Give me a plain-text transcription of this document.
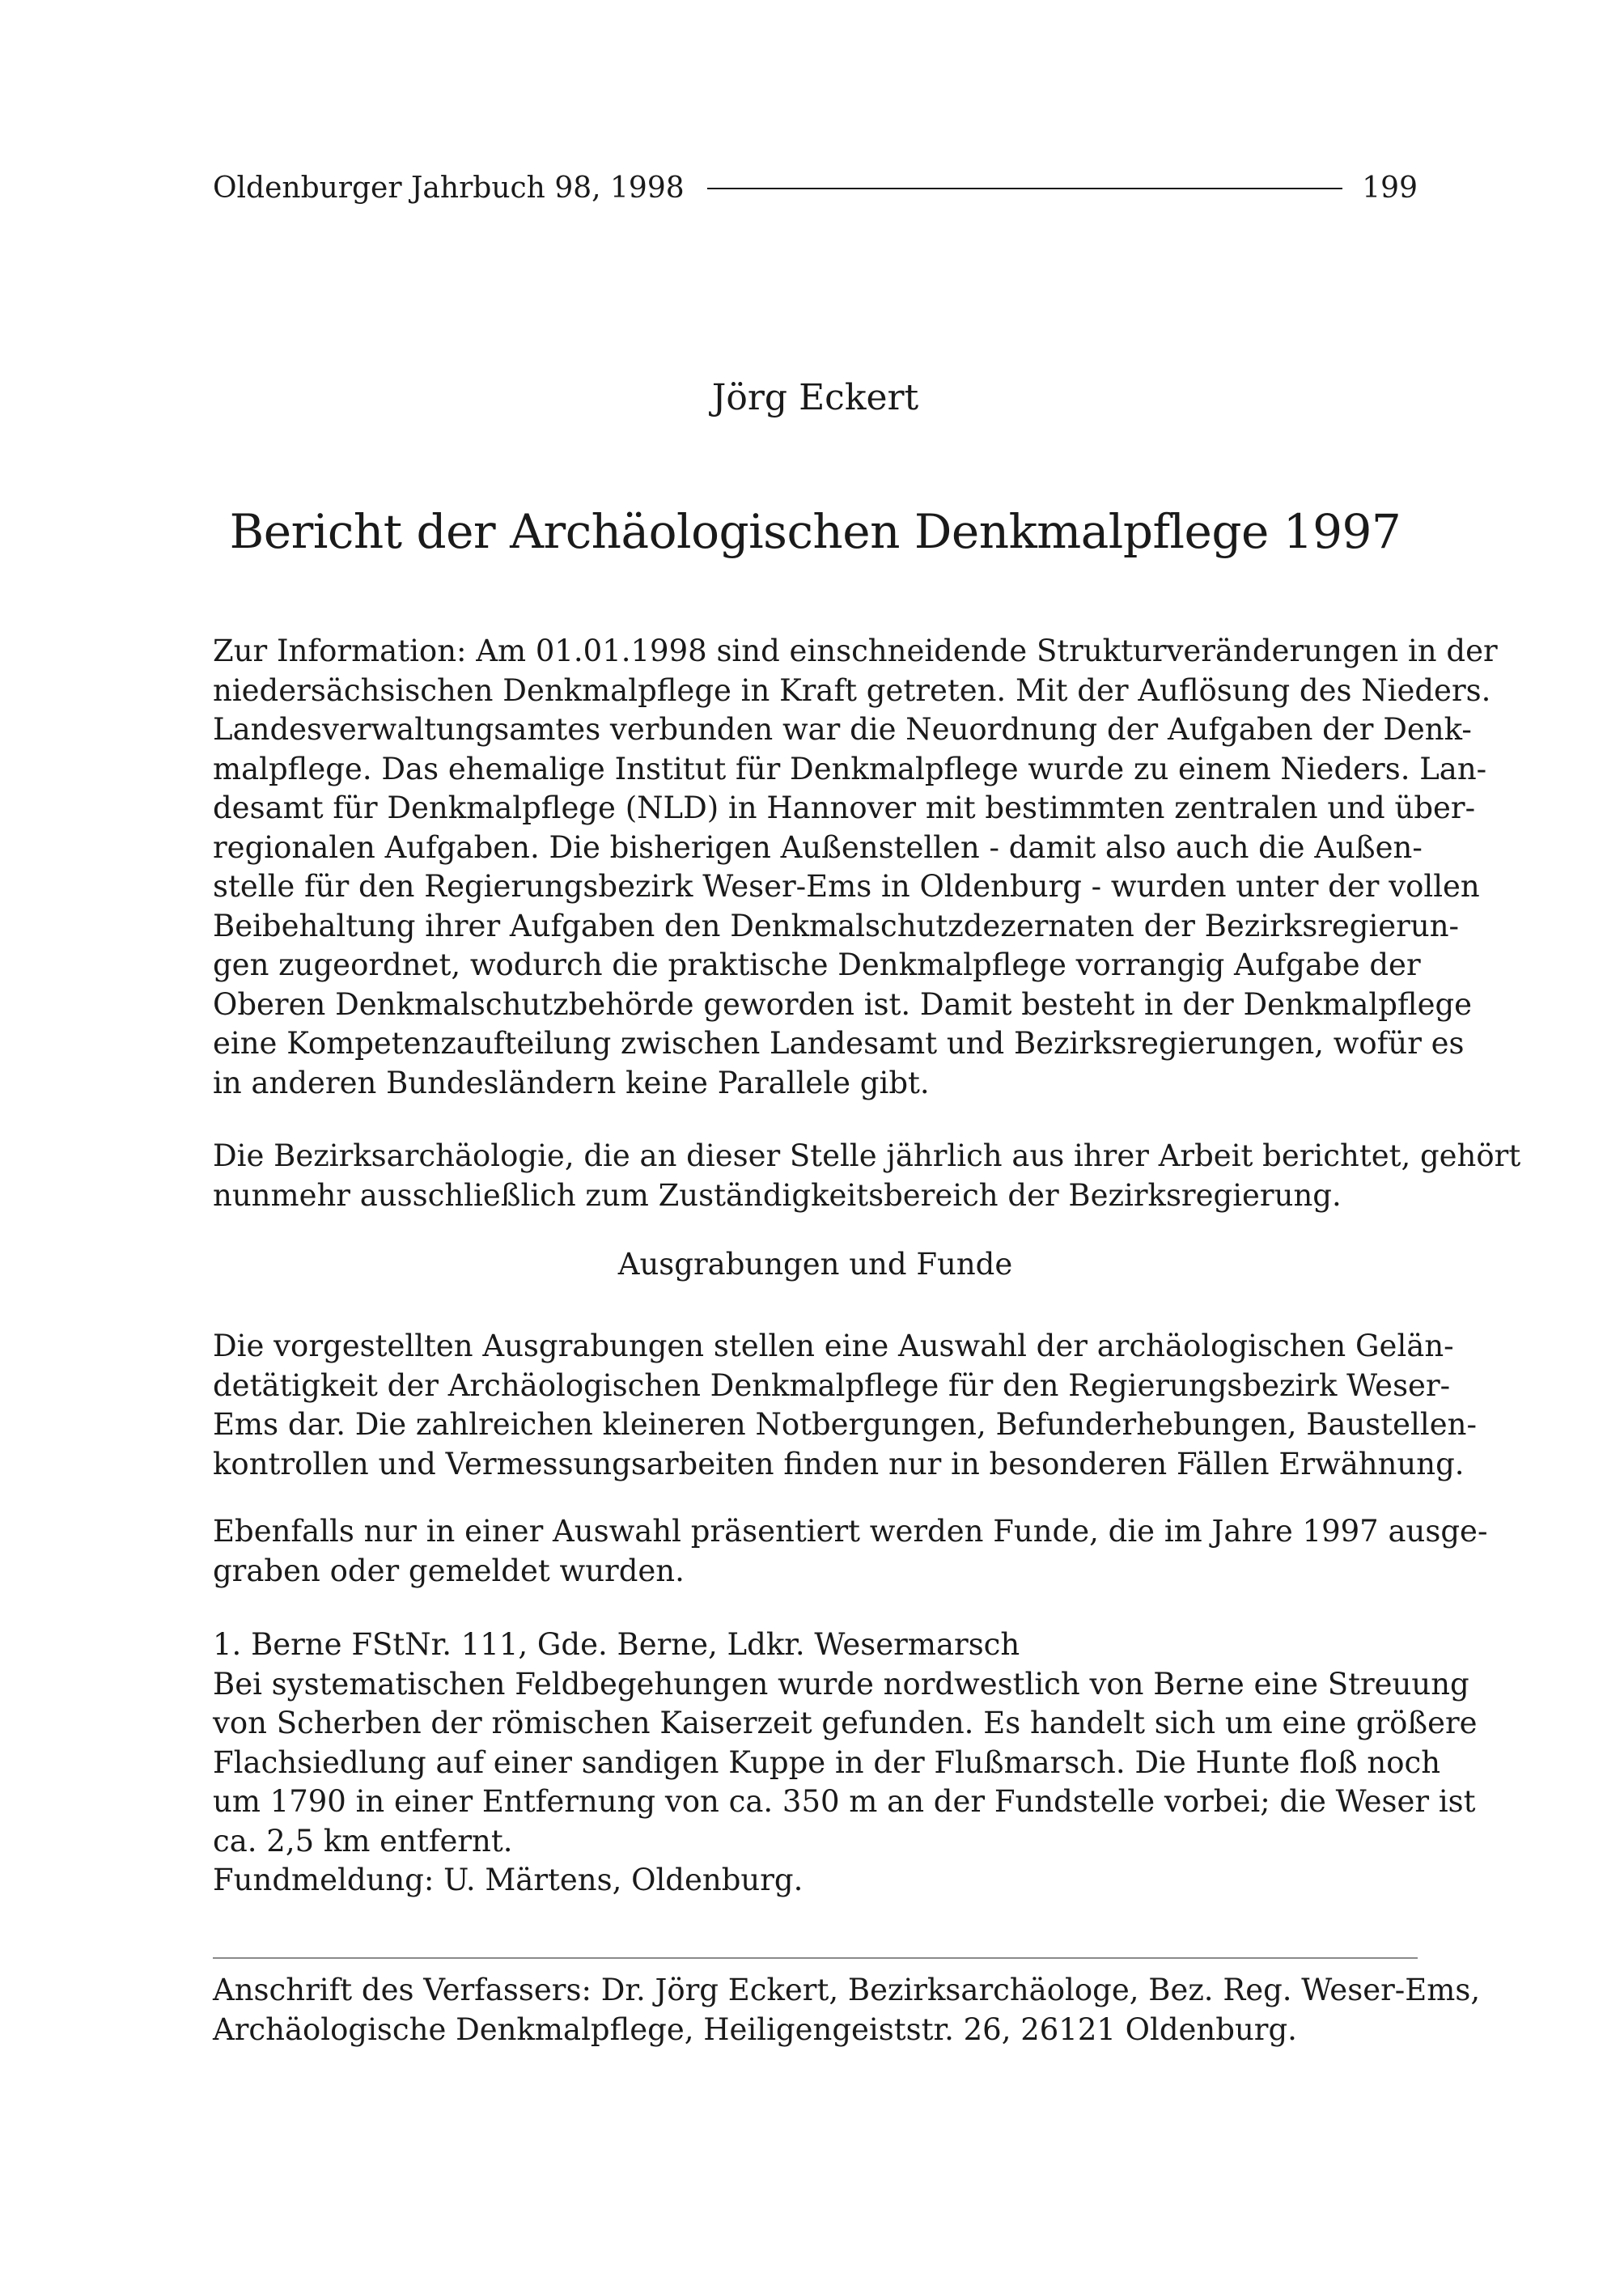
Oldenburger Jahrbuch 98, 1998	199
Jörg Eckert
Bericht der Archäologischen Denkmalpflege 1997
Zur Information: Am 01.01.1998 sind einschneidende Strukturveränderungen in der
niedersächsischen Denkmalpflege in Kraft getreten. Mit der Auflösung des Nieders.
Landesverwaltungsamtes verbunden war die Neuordnung der Aufgaben der Denk-
malpflege. Das ehemalige Institut für Denkmalpflege wurde zu einem Nieders. Lan-
desamt für Denkmalpflege (NLD) in Hannover mit bestimmten zentralen und über-
regionalen Aufgaben. Die bisherigen Außenstellen - damit also auch die Außen-
stelle für den Regierungsbezirk Weser-Ems in Oldenburg - wurden unter der vollen
Beibehaltung ihrer Aufgaben den Denkmalschutzdezernaten der Bezirksregierun-
gen zugeordnet, wodurch die praktische Denkmalpflege vorrangig Aufgabe der
Oberen Denkmalschutzbehörde geworden ist. Damit besteht in der Denkmalpflege
eine Kompetenzaufteilung zwischen Landesamt und Bezirksregierungen, wofür es
in anderen Bundesländern keine Parallele gibt.
Die Bezirksarchäologie, die an dieser Stelle jährlich aus ihrer Arbeit berichtet, gehört
nunmehr ausschließlich zum Zuständigkeitsbereich der Bezirksregierung.
Ausgrabungen und Funde
Die vorgestellten Ausgrabungen stellen eine Auswahl der archäologischen Gelän-
detätigkeit der Archäologischen Denkmalpflege für den Regierungsbezirk Weser-
Ems dar. Die zahlreichen kleineren Notbergungen, Befunderhebungen, Baustellen-
kontrollen und Vermessungsarbeiten finden nur in besonderen Fällen Erwähnung.
Ebenfalls nur in einer Auswahl präsentiert werden Funde, die im Jahre 1997 ausge-
graben oder gemeldet wurden.
1. Berne FStNr. 111, Gde. Berne, Ldkr. Wesermarsch
Bei systematischen Feldbegehungen wurde nordwestlich von Berne eine Streuung
von Scherben der römischen Kaiserzeit gefunden. Es handelt sich um eine größere
Flachsiedlung auf einer sandigen Kuppe in der Flußmarsch. Die Hunte floß noch
um 1790 in einer Entfernung von ca. 350 m an der Fundstelle vorbei; die Weser ist
ca. 2,5 km entfernt.
Fundmeldung: U. Märtens, Oldenburg.
Anschrift des Verfassers: Dr. Jörg Eckert, Bezirksarchäologe, Bez. Reg. Weser-Ems,
Archäologische Denkmalpflege, Heiligengeiststr. 26, 26121 Oldenburg.
